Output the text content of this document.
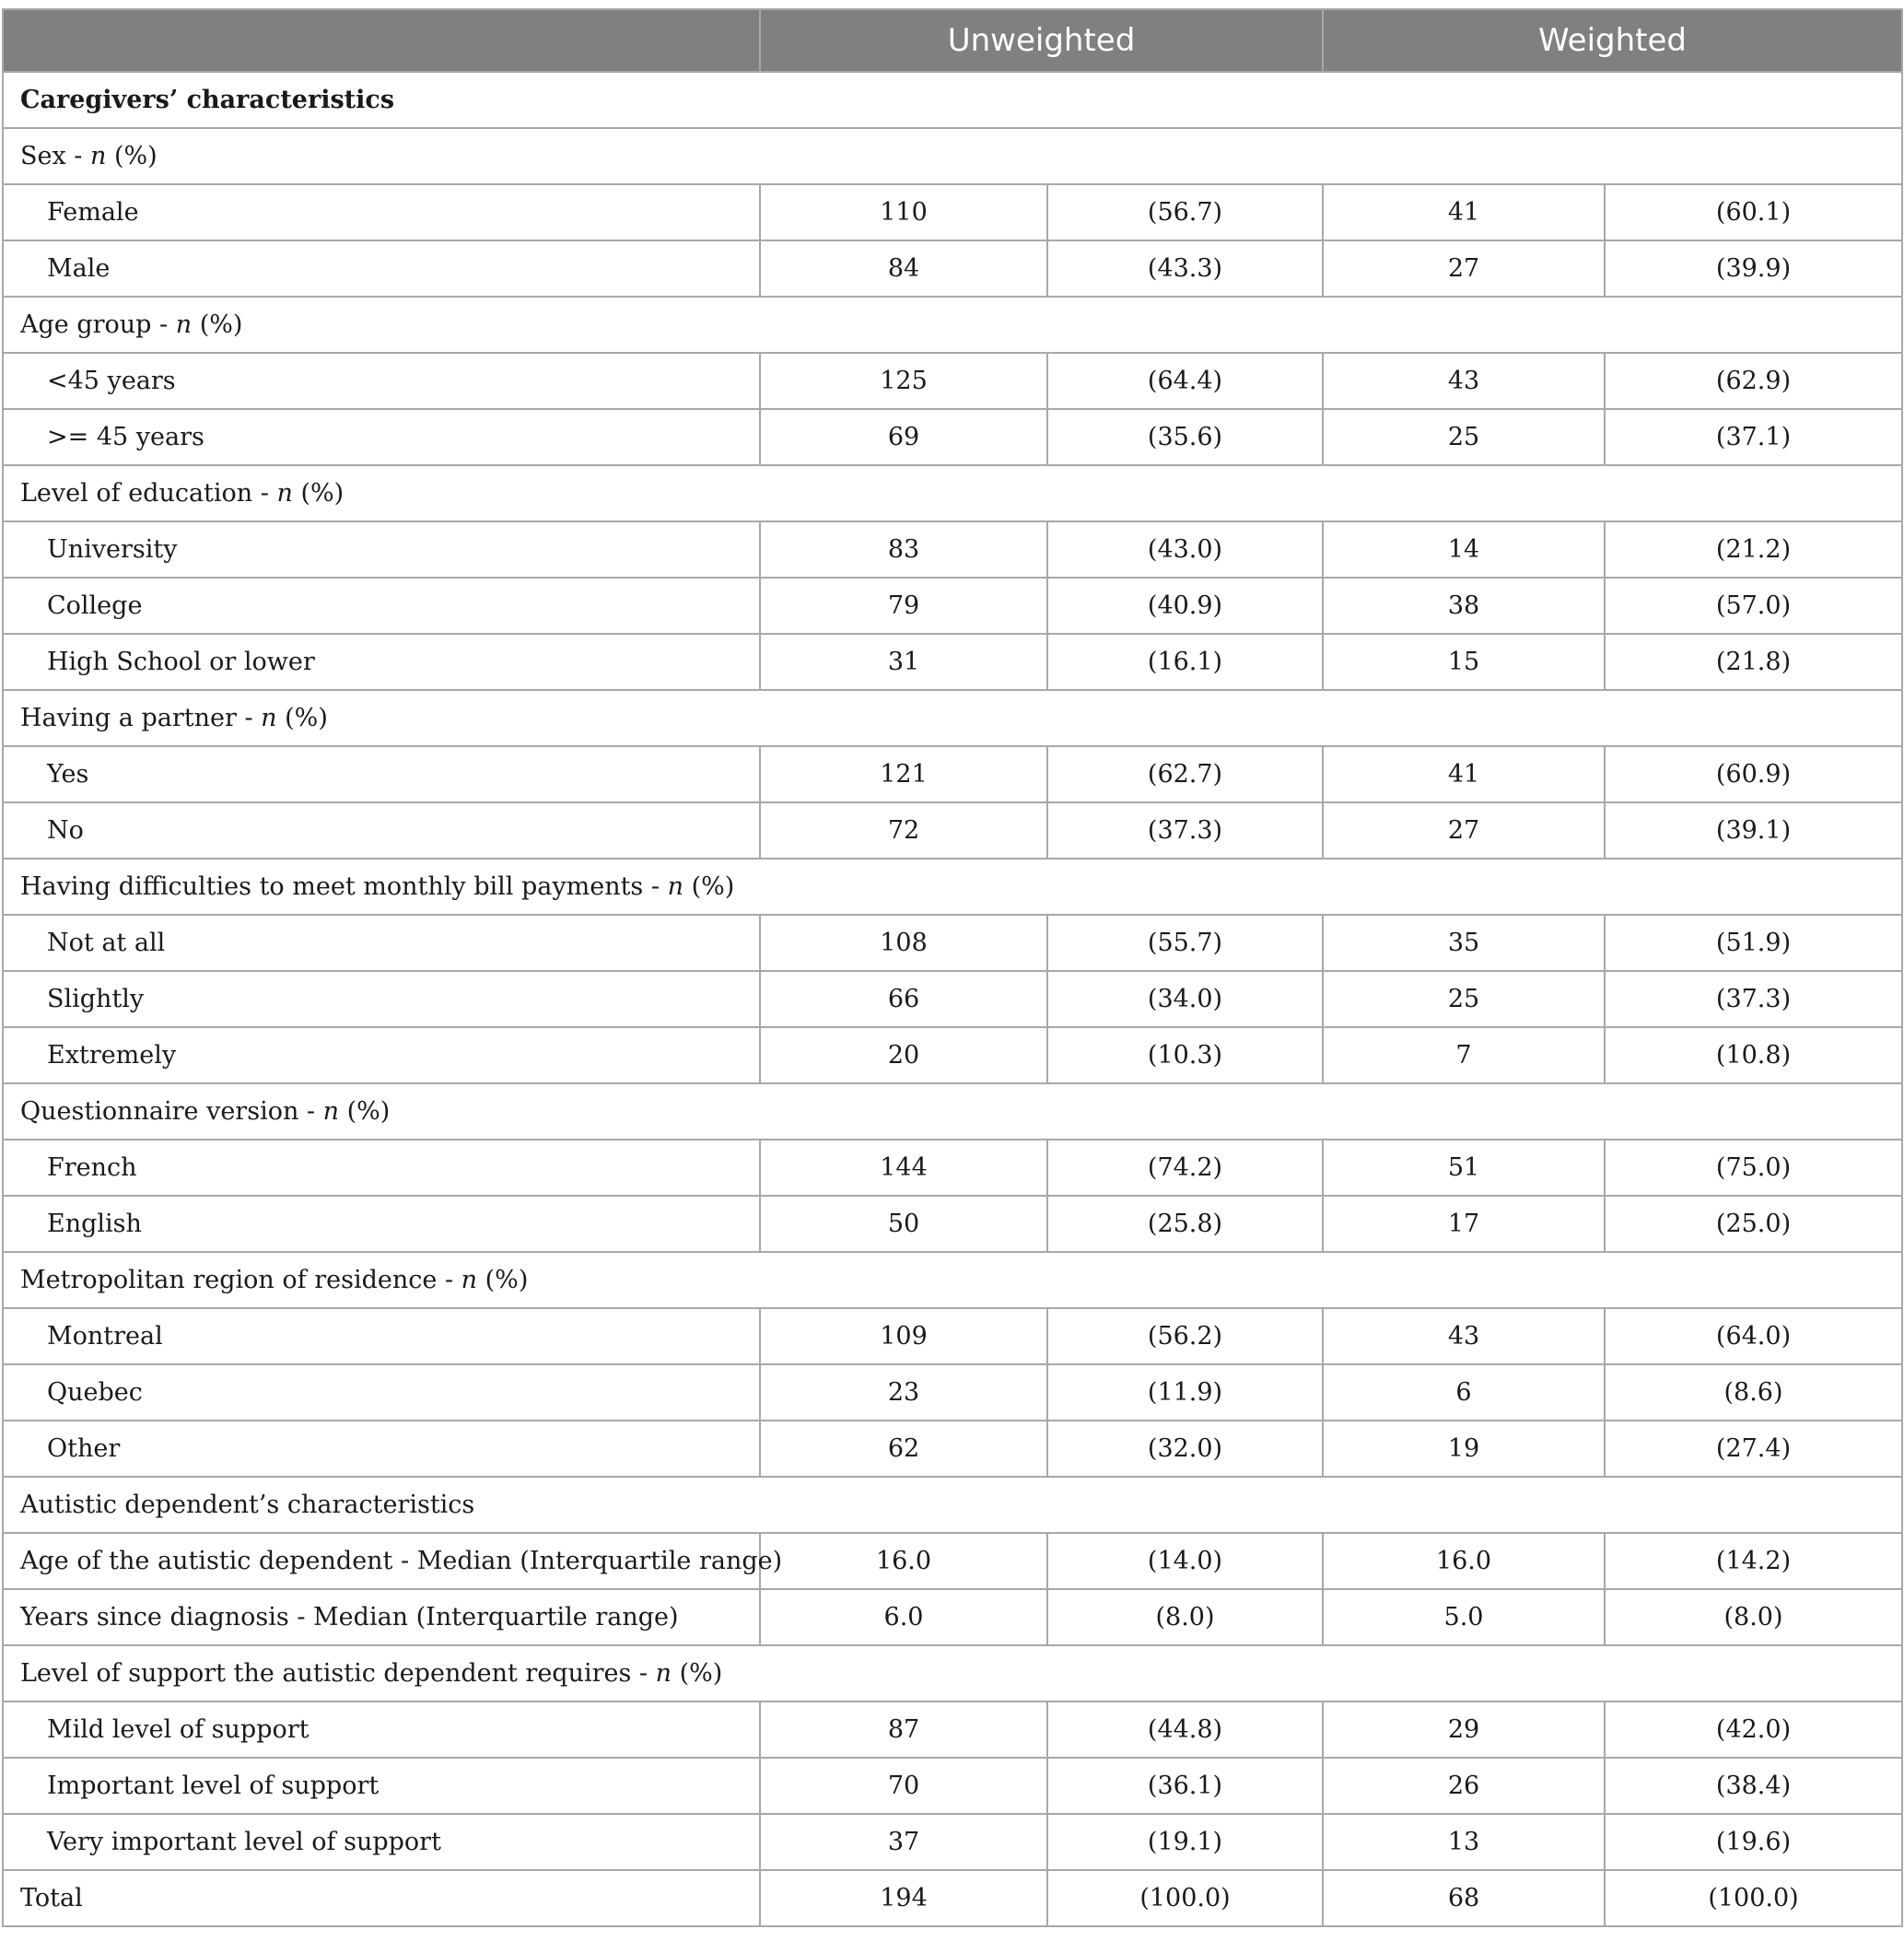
	Unweighted		Weighted	
Caregivers’ characteristics				
Sex - n (%)				
Female	110	(56.7)	41	(60.1)
Male	84	(43.3)	27	(39.9)
Age group - n (%)				
<45 years	125	(64.4)	43	(62.9)
>= 45 years	69	(35.6)	25	(37.1)
Level of education - n (%)				
University	83	(43.0)	14	(21.2)
College	79	(40.9)	38	(57.0)
High School or lower	31	(16.1)	15	(21.8)
Having a partner - n (%)				
Yes	121	(62.7)	41	(60.9)
No	72	(37.3)	27	(39.1)
Having difficulties to meet monthly bill payments - n (%)				
Not at all	108	(55.7)	35	(51.9)
Slightly	66	(34.0)	25	(37.3)
Extremely	20	(10.3)	7	(10.8)
Questionnaire version - n (%)				
French	144	(74.2)	51	(75.0)
English	50	(25.8)	17	(25.0)
Metropolitan region of residence - n (%)				
Montreal	109	(56.2)	43	(64.0)
Quebec	23	(11.9)	6	(8.6)
Other	62	(32.0)	19	(27.4)
Autistic dependent’s characteristics				
Age of the autistic dependent - Median (Interquartile range)	16.0	(14.0)	16.0	(14.2)
Years since diagnosis - Median (Interquartile range)	6.0	(8.0)	5.0	(8.0)
Level of support the autistic dependent requires - n (%)				
Mild level of support	87	(44.8)	29	(42.0)
Important level of support	70	(36.1)	26	(38.4)
Very important level of support	37	(19.1)	13	(19.6)
Total	194	(100.0)	68	(100.0)
